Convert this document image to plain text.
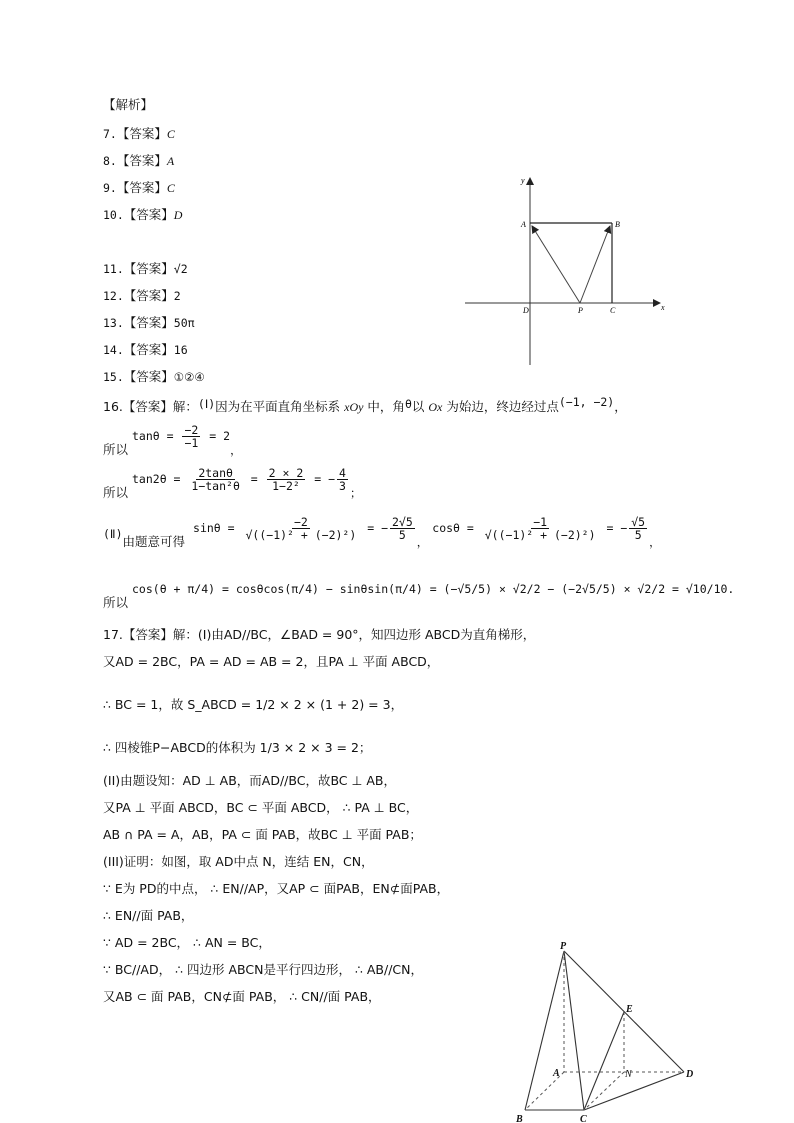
【解析】
7.【答案】C
8.【答案】A
9.【答案】C
10.【答案】D
11.【答案】√2
12.【答案】2
13.【答案】50π
14.【答案】16
15.【答案】①②④
16.【答案】解：(Ⅰ)因为在平面直角坐标系 xOy 中，角θ以 Ox 为始边，终边经过点(−1, −2)，
所以 $\tan\theta = \frac{-2}{-1} = 2$，
所以 $\tan 2\theta = \frac{2\tan\theta}{\text{1−tan²θ}} = \frac{2 \times 2}{\text{1−2²}}$ = − $\frac{4}{3}$
；
(Ⅱ)由题意可得 $\sin\theta = \frac{-2}{\text{√((−1)² + (−2)²)}}$ = − $\frac{2√5}{5}$
， $\cos\theta = \frac{-1}{\text{√((−1)² + (−2)²)}}$ = − $\frac{√5}{5}$
，
所以 cos(θ + π/4) = cosθcos(π/4) − sinθsin(π/4) = (−√5/5) × √2/2 − (−2√5/5) × √2/2 = √10/10.
17.【答案】解：(I)由AD//BC，∠BAD = 90°，知四边形 ABCD为直角梯形，
又AD = 2BC，PA = AD = AB = 2，且PA ⊥ 平面 ABCD，
∴ BC = 1，故 S_ABCD = 1/2 × 2 × (1 + 2) = 3，
∴ 四棱锥P−ABCD的体积为 1/3 × 2 × 3 = 2；
(II)由题设知：AD ⊥ AB，而AD//BC，故BC ⊥ AB，
又PA ⊥ 平面 ABCD，BC ⊂ 平面 ABCD， ∴ PA ⊥ BC，
AB ∩ PA = A，AB，PA ⊂ 面 PAB，故BC ⊥ 平面 PAB；
(III)证明：如图，取 AD中点 N，连结 EN，CN，
∵ E为 PD的中点， ∴ EN//AP，又AP ⊂ 面PAB，EN⊄面PAB，
∴ EN//面 PAB，
∵ AD = 2BC， ∴ AN = BC，
∵ BC//AD， ∴ 四边形 ABCN是平行四边形， ∴ AB//CN，
又AB ⊂ 面 PAB，CN⊄面 PAB， ∴ CN//面 PAB，
y
x
A	B
D	P	C
P
E
A	N	D
B	C
